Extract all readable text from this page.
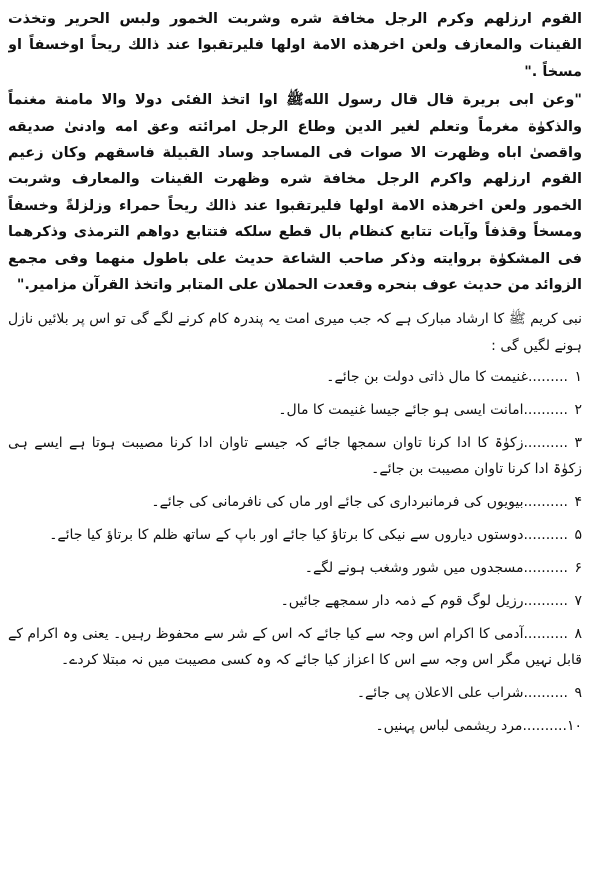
القوم ارزلهم وكرم الرجل مخافة شره وشربت الخمور ولبس الحرير وتخذت القينات والمعازف ولعن اخرهذه الامة اولها فليرتقبوا عند ذالك ريحاً اوخسفاً او مسخاً ."

"وعن ابى بريرة قال قال رسول اللهﷺ اوا اتخذ الفئى دولا والا مامنة مغنماً والذكوٰة مغرماً وتعلم لغير الدين وطاع الرجل امرائته وعق امه وادنىٰ صديقه واقصىٰ اباه وظهرت الا صوات فى المساجد وساد القبيلة فاسقهم وكان زعيم القوم ارزلهم واكرم الرجل مخافة شره وظهرت القينات والمعارف وشربت الخمور ولعن اخرهذه الامة اولها فليرتقبوا عند ذالك ريحاً حمراء وزلزلةً وخسفاً ومسخاً وقذفاً وآيات تتابع كنظام بال قطع سلكه فتتابع دواهم الترمذى وذكرهما فى المشكوٰة بروايته وذكر صاحب الشاعة حديث على باطول منهما وفى مجمع الزوائد من حديث عوف بنحره وقعدت الحملان على المتابر واتخذ القرآن مزامير."

نبی کریم ﷺ کا ارشاد مبارک ہے کہ جب میری امت یہ پندرہ کام کرنے لگے گی تو اس پر بلائیں نازل ہونے لگیں گی :

۱.........غنیمت کا مال ذاتی دولت بن جائے۔
۲..........امانت ایسی ہو جائے جیسا غنیمت کا مال۔
۳..........زکوٰۃ کا ادا کرنا تاوان سمجھا جائے کہ جیسے تاوان ادا کرنا مصیبت ہوتا ہے ایسے ہی زکوٰۃ ادا کرنا تاوان مصیبت بن جائے۔
۴..........بیویوں کی فرمانبرداری کی جائے اور ماں کی نافرمانی کی جائے۔
۵..........دوستوں دیاروں سے نیکی کا برتاؤ کیا جائے اور باپ کے ساتھ ظلم کا برتاؤ کیا جائے۔
۶..........مسجدوں میں شور وشغب ہونے لگے۔
۷..........رزیل لوگ قوم کے ذمہ دار سمجھے جائیں۔
۸..........آدمی کا اکرام اس وجہ سے کیا جائے کہ اس کے شر سے محفوظ رہیں۔ یعنی وہ اکرام کے قابل نہیں مگر اس وجہ سے اس کا اعزاز کیا جائے کہ وہ کسی مصیبت میں نہ مبتلا کردے۔
۹..........شراب علی الاعلان پی جائے۔
۱۰..........مرد ریشمی لباس پہنیں۔
